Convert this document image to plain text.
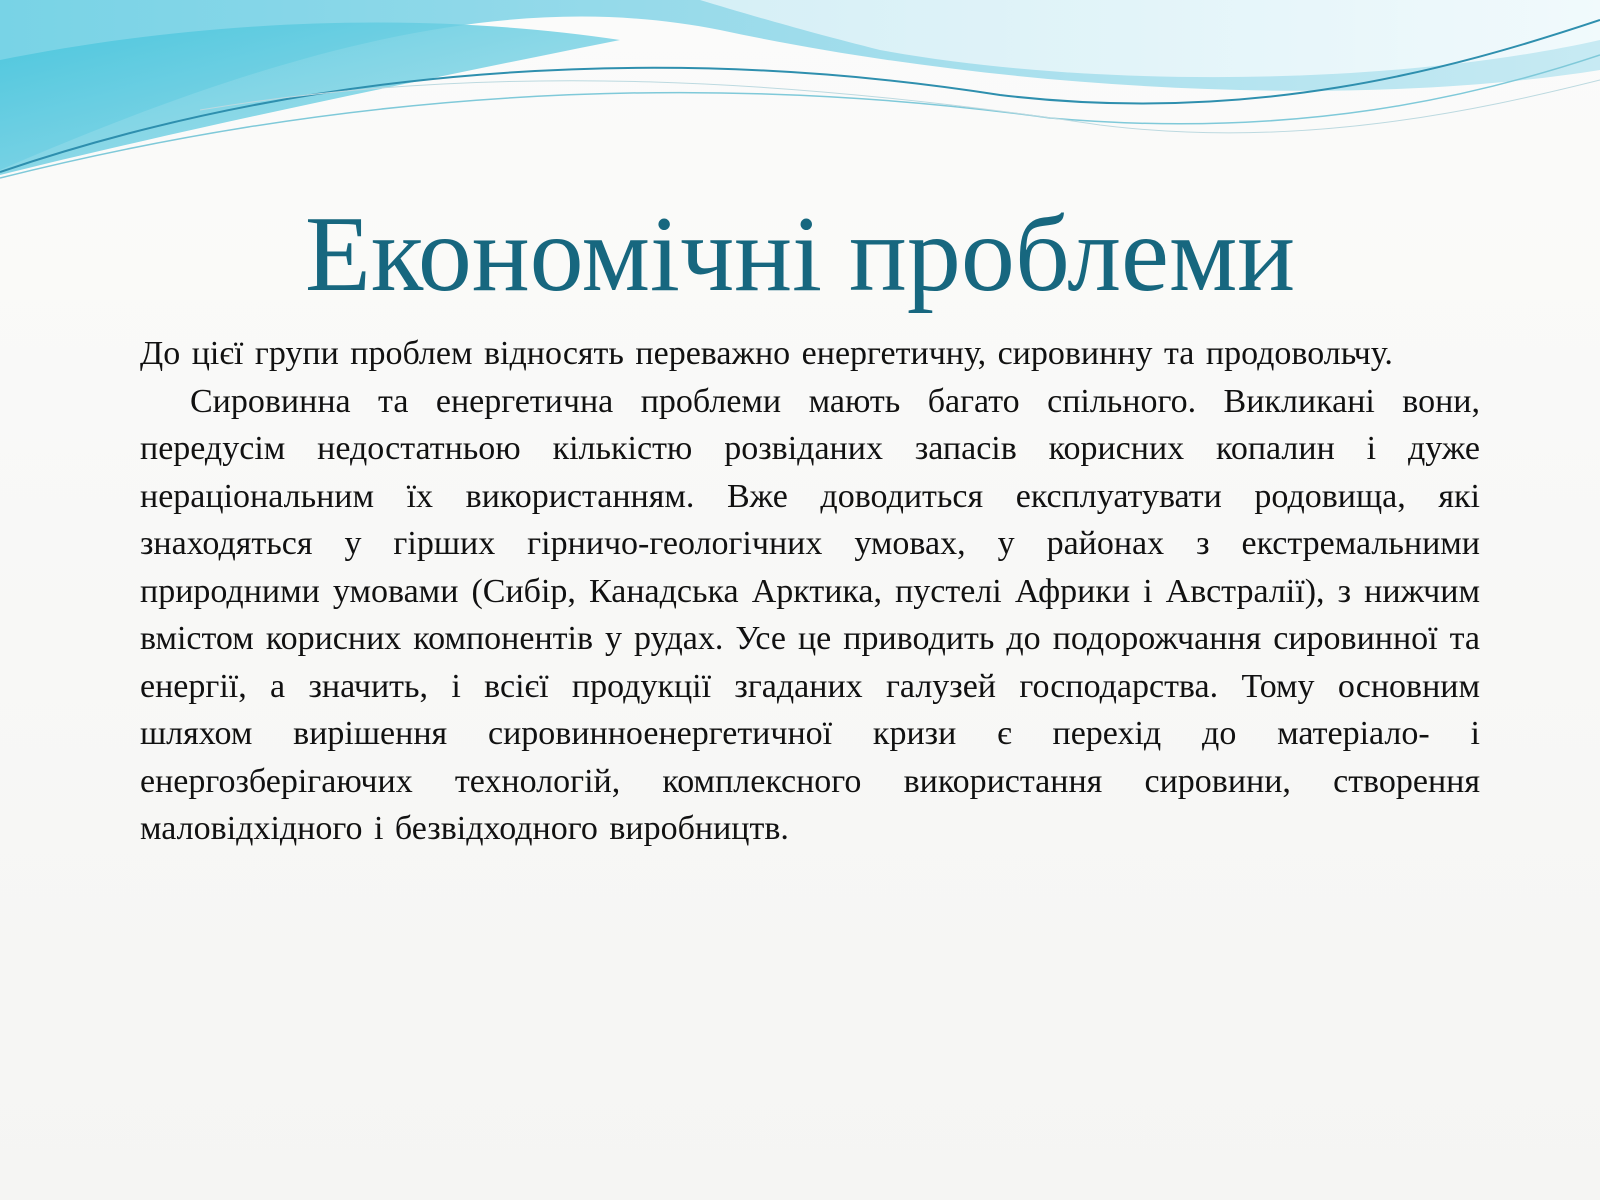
Економічні проблеми

До цієї групи проблем відносять переважно енергетичну, сировинну та продовольчу.

Сировинна та енергетична проблеми мають багато спільного. Викликані вони, передусім недостатньою кількістю розвіданих запасів корисних копалин і дуже нераціональним їх використанням. Вже доводиться експлуатувати родовища, які знаходяться у гірших гірничо-геологічних умовах, у районах з екстремальними природними умовами (Сибір, Канадська Арктика, пустелі Африки і Австралії), з нижчим вмістом корисних компонентів у рудах. Усе це приводить до подорожчання сировинної та енергії, а значить, і всієї продукції згаданих галузей господарства. Тому основним шляхом вирішення сировинноенергетичної кризи є перехід до матеріало- і енергозберігаючих технологій, комплексного використання сировини, створення маловідхідного і безвідходного виробництв.
